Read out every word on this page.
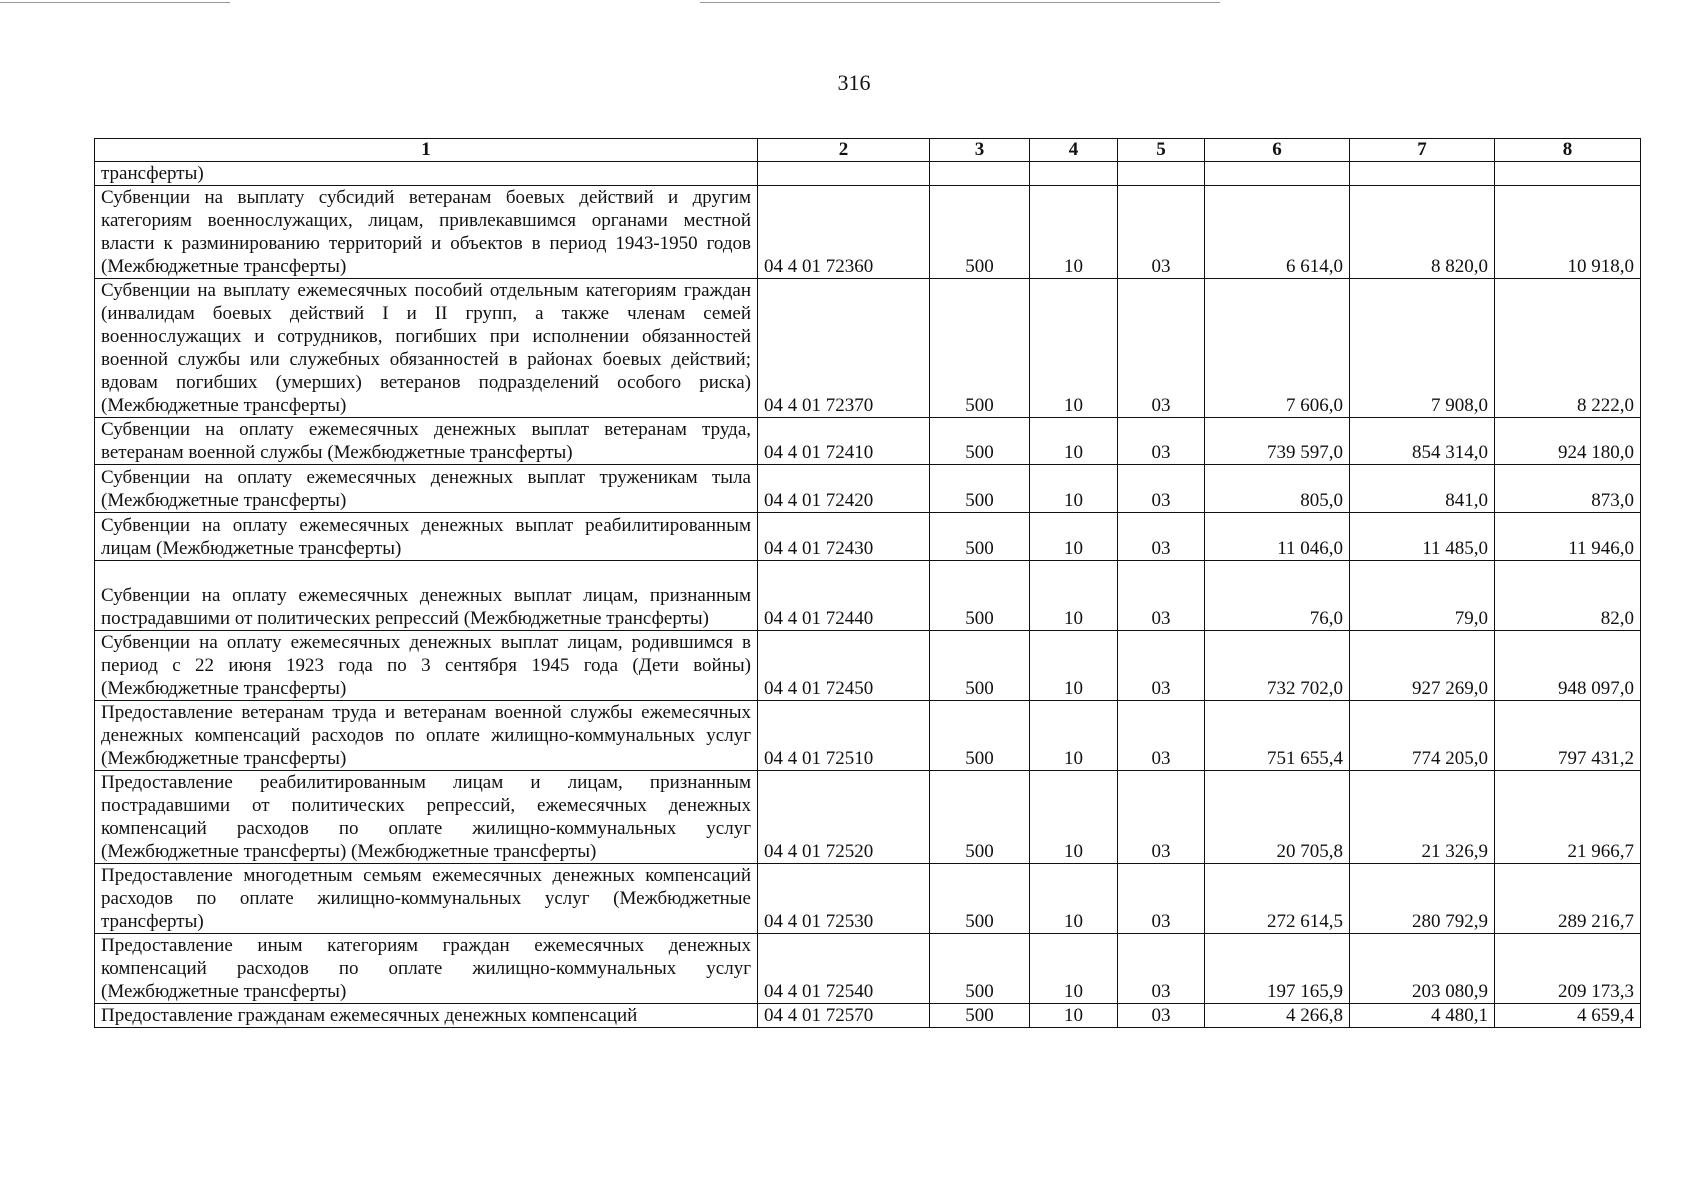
316
1	2	3	4	5	6	7	8
трансферты)							
Субвенции на выплату субсидий ветеранам боевых действий и другим категориям военнослужащих, лицам, привлекавшимся органами местной власти к разминированию территорий и объектов в период 1943-1950 годов (Межбюджетные трансферты)	04 4 01 72360	500	10	03	6 614,0	8 820,0	10 918,0
Субвенции на выплату ежемесячных пособий отдельным категориям граждан (инвалидам боевых действий I и II групп, а также членам семей военнослужащих и сотрудников, погибших при исполнении обязанностей военной службы или служебных обязанностей в районах боевых действий; вдовам погибших (умерших) ветеранов подразделений особого риска) (Межбюджетные трансферты)	04 4 01 72370	500	10	03	7 606,0	7 908,0	8 222,0
Субвенции на оплату ежемесячных денежных выплат ветеранам труда, ветеранам военной службы (Межбюджетные трансферты)	04 4 01 72410	500	10	03	739 597,0	854 314,0	924 180,0
Субвенции на оплату ежемесячных денежных выплат труженикам тыла (Межбюджетные трансферты)	04 4 01 72420	500	10	03	805,0	841,0	873,0
Субвенции на оплату ежемесячных денежных выплат реабилитированным лицам (Межбюджетные трансферты)	04 4 01 72430	500	10	03	11 046,0	11 485,0	11 946,0
Субвенции на оплату ежемесячных денежных выплат лицам, признанным пострадавшими от политических репрессий (Межбюджетные трансферты)	04 4 01 72440	500	10	03	76,0	79,0	82,0
Субвенции на оплату ежемесячных денежных выплат лицам, родившимся в период с 22 июня 1923 года по 3 сентября 1945 года (Дети войны) (Межбюджетные трансферты)	04 4 01 72450	500	10	03	732 702,0	927 269,0	948 097,0
Предоставление ветеранам труда и ветеранам военной службы ежемесячных денежных компенсаций расходов по оплате жилищно-коммунальных услуг (Межбюджетные трансферты)	04 4 01 72510	500	10	03	751 655,4	774 205,0	797 431,2
Предоставление реабилитированным лицам и лицам, признанным пострадавшими от политических репрессий, ежемесячных денежных компенсаций расходов по оплате жилищно-коммунальных услуг (Межбюджетные трансферты) (Межбюджетные трансферты)	04 4 01 72520	500	10	03	20 705,8	21 326,9	21 966,7
Предоставление многодетным семьям ежемесячных денежных компенсаций расходов по оплате жилищно-коммунальных услуг (Межбюджетные трансферты)	04 4 01 72530	500	10	03	272 614,5	280 792,9	289 216,7
Предоставление иным категориям граждан ежемесячных денежных компенсаций расходов по оплате жилищно-коммунальных услуг (Межбюджетные трансферты)	04 4 01 72540	500	10	03	197 165,9	203 080,9	209 173,3
Предоставление гражданам ежемесячных денежных компенсаций	04 4 01 72570	500	10	03	4 266,8	4 480,1	4 659,4
